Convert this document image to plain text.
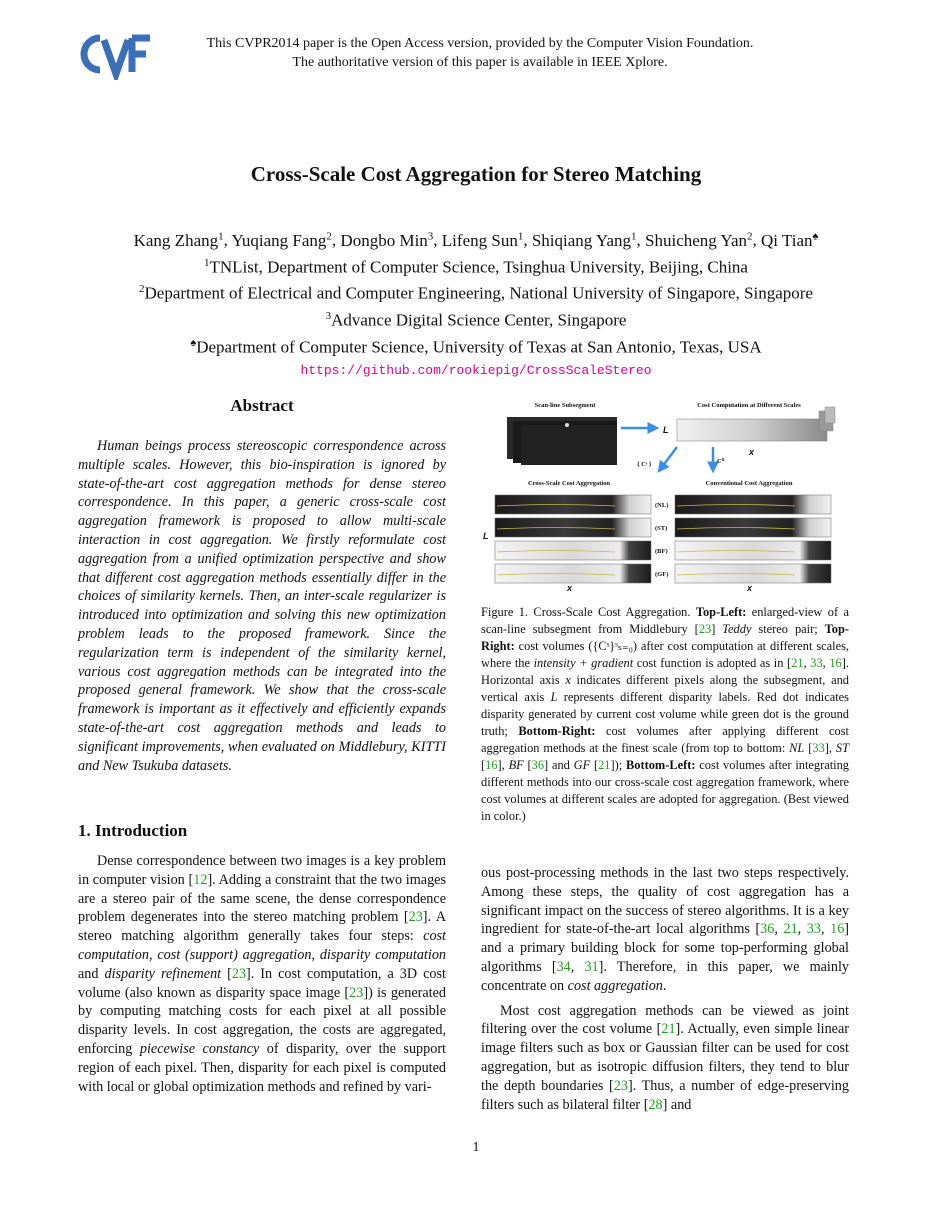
This CVPR2014 paper is the Open Access version, provided by the Computer Vision Foundation.
The authoritative version of this paper is available in IEEE Xplore.
Cross-Scale Cost Aggregation for Stereo Matching
Kang Zhang$^1$, Yuqiang Fang$^2$, Dongbo Min$^3$, Lifeng Sun$^1$, Shiqiang Yang$^1$, Shuicheng Yan$^2$, Qi Tian♠
$^1$TNList, Department of Computer Science, Tsinghua University, Beijing, China
$^2$Department of Electrical and Computer Engineering, National University of Singapore, Singapore
$^3$Advance Digital Science Center, Singapore
♠Department of Computer Science, University of Texas at San Antonio, Texas, USA
https://github.com/rookiepig/CrossScaleStereo
Abstract

Human beings process stereoscopic correspondence across multiple scales. However, this bio-inspiration is ignored by state-of-the-art cost aggregation methods for dense stereo correspondence. In this paper, a generic cross-scale cost aggregation framework is proposed to allow multi-scale interaction in cost aggregation. We firstly reformulate cost aggregation from a unified optimization perspective and show that different cost aggregation methods essentially differ in the choices of similarity kernels. Then, an inter-scale regularizer is introduced into optimization and solving this new optimization problem leads to the proposed framework. Since the regularization term is independent of the similarity kernel, various cost aggregation methods can be integrated into the proposed general framework. We show that the cross-scale framework is important as it effectively and efficiently expands state-of-the-art cost aggregation methods and leads to significant improvements, when evaluated on Middlebury, KITTI and New Tsukuba datasets.

1. Introduction

Dense correspondence between two images is a key problem in computer vision [12]. Adding a constraint that the two images are a stereo pair of the same scene, the dense correspondence problem degenerates into the stereo matching problem [23]. A stereo matching algorithm generally takes four steps: cost computation, cost (support) aggregation, disparity computation and disparity refinement [23]. In cost computation, a 3D cost volume (also known as disparity space image [23]) is generated by computing matching costs for each pixel at all possible disparity levels. In cost aggregation, the costs are aggregated, enforcing piecewise constancy of disparity, over the support region of each pixel. Then, disparity for each pixel is computed with local or global optimization methods and refined by vari-

Scan-line Subsegment	Cost Computation at Different Scales
L
x
{ Cˢ }	C⁰
Cross-Scale Cost Aggregation	Conventional Cost Aggregation
(NL)
(ST)
(BF)
(GF)
L
x	x
Figure 1. Cross-Scale Cost Aggregation. Top-Left: enlarged-view of a scan-line subsegment from Middlebury [23] Teddy stereo pair; Top-Right: cost volumes ({Cˢ}ˢₛ₌₀) after cost computation at different scales, where the intensity + gradient cost function is adopted as in [21, 33, 16]. Horizontal axis x indicates different pixels along the subsegment, and vertical axis L represents different disparity labels. Red dot indicates disparity generated by current cost volume while green dot is the ground truth; Bottom-Right: cost volumes after applying different cost aggregation methods at the finest scale (from top to bottom: NL [33], ST [16], BF [36] and GF [21]); Bottom-Left: cost volumes after integrating different methods into our cross-scale cost aggregation framework, where cost volumes at different scales are adopted for aggregation. (Best viewed in color.)

ous post-processing methods in the last two steps respectively. Among these steps, the quality of cost aggregation has a significant impact on the success of stereo algorithms. It is a key ingredient for state-of-the-art local algorithms [36, 21, 33, 16] and a primary building block for some top-performing global algorithms [34, 31]. Therefore, in this paper, we mainly concentrate on cost aggregation.

Most cost aggregation methods can be viewed as joint filtering over the cost volume [21]. Actually, even simple linear image filters such as box or Gaussian filter can be used for cost aggregation, but as isotropic diffusion filters, they tend to blur the depth boundaries [23]. Thus, a number of edge-preserving filters such as bilateral filter [28] and

1
